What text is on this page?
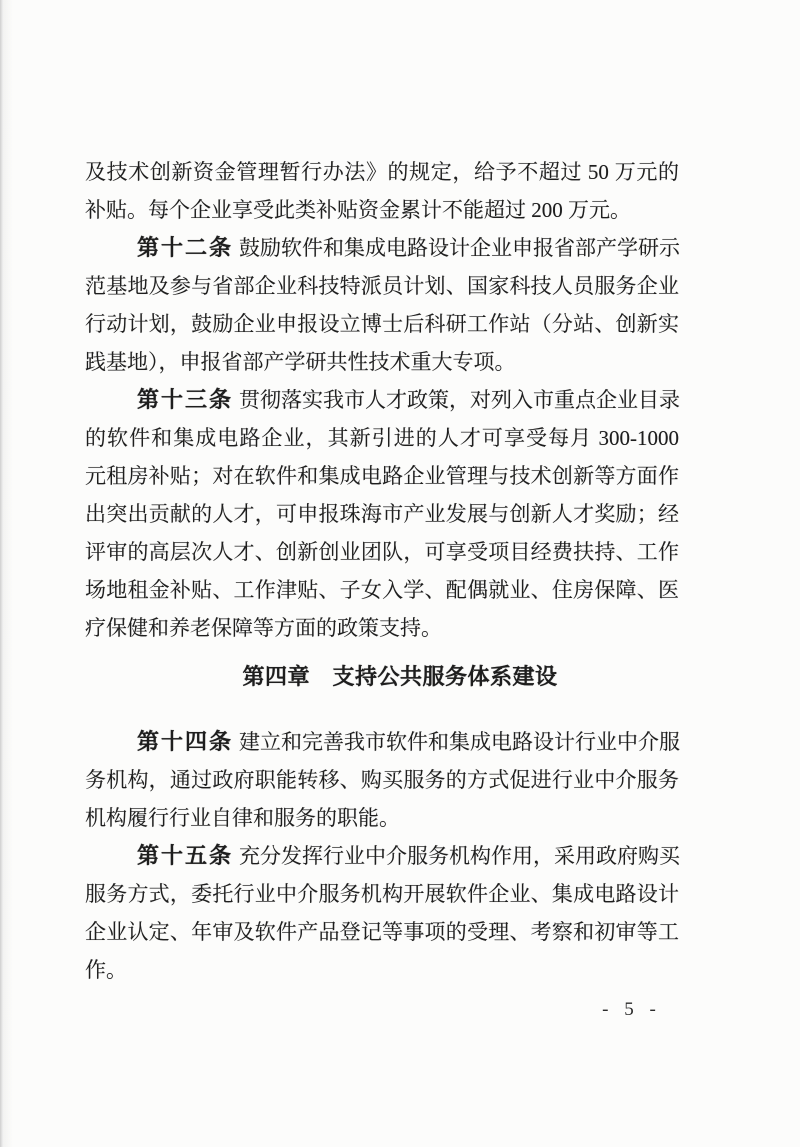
及技术创新资金管理暂行办法》的规定，给予不超过 50 万元的
补贴。每个企业享受此类补贴资金累计不能超过 200 万元。
第十二条 鼓励软件和集成电路设计企业申报省部产学研示
范基地及参与省部企业科技特派员计划、国家科技人员服务企业
行动计划，鼓励企业申报设立博士后科研工作站（分站、创新实
践基地），申报省部产学研共性技术重大专项。
第十三条 贯彻落实我市人才政策，对列入市重点企业目录
的软件和集成电路企业，其新引进的人才可享受每月 300-1000
元租房补贴；对在软件和集成电路企业管理与技术创新等方面作
出突出贡献的人才，可申报珠海市产业发展与创新人才奖励；经
评审的高层次人才、创新创业团队，可享受项目经费扶持、工作
场地租金补贴、工作津贴、子女入学、配偶就业、住房保障、医
疗保健和养老保障等方面的政策支持。
第四章　支持公共服务体系建设
第十四条 建立和完善我市软件和集成电路设计行业中介服
务机构，通过政府职能转移、购买服务的方式促进行业中介服务
机构履行行业自律和服务的职能。
第十五条 充分发挥行业中介服务机构作用，采用政府购买
服务方式，委托行业中介服务机构开展软件企业、集成电路设计
企业认定、年审及软件产品登记等事项的受理、考察和初审等工
作。
- 5 -
